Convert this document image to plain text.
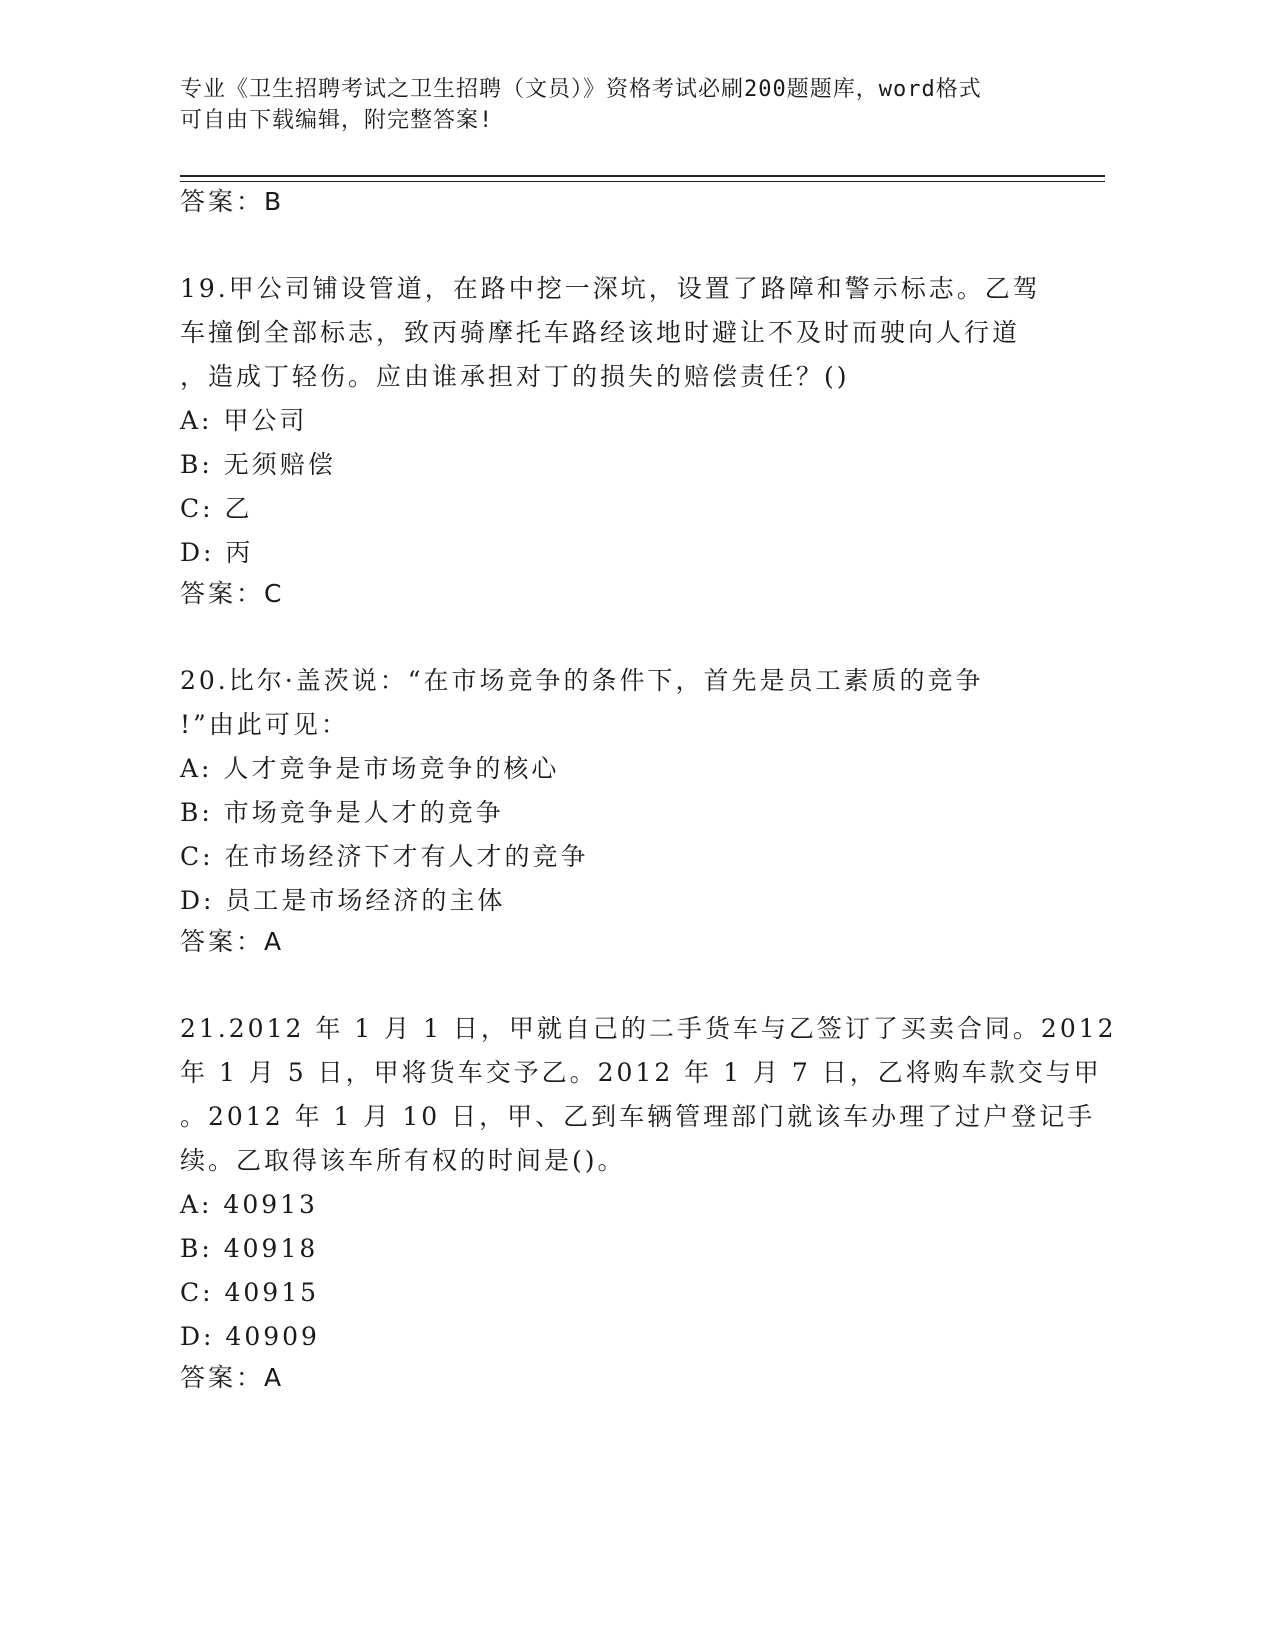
专业《卫生招聘考试之卫生招聘（文员）》资格考试必刷200题题库，word格式
可自由下载编辑，附完整答案!
答案：B
19.甲公司铺设管道，在路中挖一深坑，设置了路障和警示标志。乙驾
车撞倒全部标志，致丙骑摩托车路经该地时避让不及时而驶向人行道
，造成丁轻伤。应由谁承担对丁的损失的赔偿责任？()
A: 甲公司
B: 无须赔偿
C: 乙
D: 丙
答案：C
20.比尔·盖茨说：“在市场竞争的条件下，首先是员工素质的竞争
!”由此可见：
A: 人才竞争是市场竞争的核心
B: 市场竞争是人才的竞争
C: 在市场经济下才有人才的竞争
D: 员工是市场经济的主体
答案：A
21.2012 年 1 月 1 日，甲就自己的二手货车与乙签订了买卖合同。2012
年 1 月 5 日，甲将货车交予乙。2012 年 1 月 7 日，乙将购车款交与甲
。2012 年 1 月 10 日，甲、乙到车辆管理部门就该车办理了过户登记手
续。乙取得该车所有权的时间是()。
A: 40913
B: 40918
C: 40915
D: 40909
答案：A
